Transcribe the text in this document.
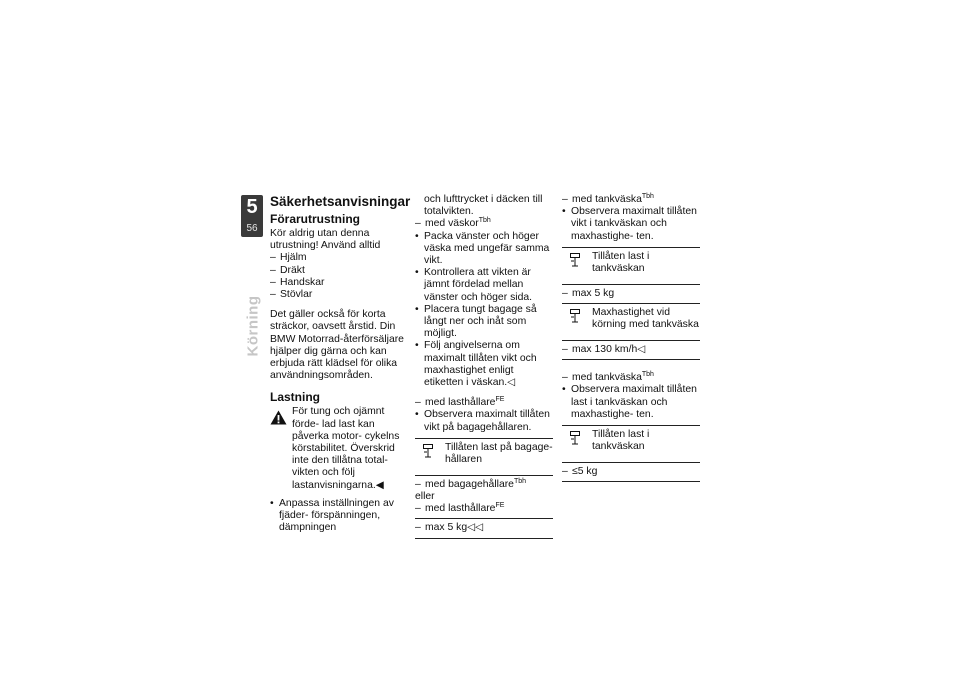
5
56
Körning
Säkerhetsanvisningar
Förarutrustning

Kör aldrig utan denna utrustning! Använd alltid

– Hjälm

– Dräkt

– Handskar

– Stövlar

Det gäller också för korta sträckor, oavsett årstid. Din BMW Motorrad-återförsäljare hjälper dig gärna och kan erbjuda rätt klädsel för olika användningsområden.

Lastning
För tung och ojämnt förde- lad last kan påverka motor- cykelns körstabilitet. Överskrid inte den tillåtna total- vikten och följ lastanvisningarna.◀

• Anpassa inställningen av fjäder- förspänningen, dämpningen

och lufttrycket i däcken till totalvikten.

– med väskor$^{Tbh}$

• Packa vänster och höger väska med ungefär samma vikt.

• Kontrollera att vikten är jämnt fördelad mellan vänster och höger sida.

• Placera tungt bagage så långt ner och inåt som möjligt.

• Följ angivelserna om maximalt tillåten vikt och maxhastighet enligt etiketten i väskan.◁

– med lasthållare$^{FE}$

• Observera maximalt tillåten vikt på bagagehållaren.

Tillåten last på bagage- hållaren

– med bagagehållare$^{Tbh}$

eller

– med lasthållare$^{FE}$

– max 5 kg◁◁

– med tankväska$^{Tbh}$

• Observera maximalt tillåten vikt i tankväskan och maxhastighe- ten.

Tillåten last i tankväskan

– max 5 kg

Maxhastighet vid körning med tankväska

– max 130 km/h◁

– med tankväska$^{Tbh}$

• Observera maximalt tillåten last i tankväskan och maxhastighe- ten.

Tillåten last i tankväskan

– ≤5 kg
